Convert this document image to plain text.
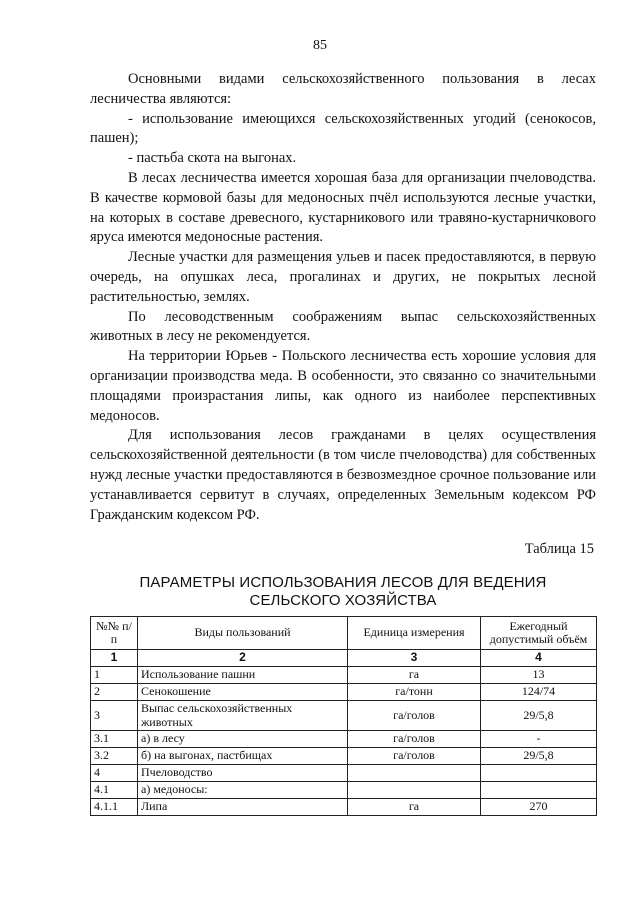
85

Основными видами сельскохозяйственного пользования в лесах лесничества являются:

- использование имеющихся сельскохозяйственных угодий (сенокосов, пашен);

- пастьба скота на выгонах.

В лесах лесничества имеется хорошая база для организации пчеловодства. В качестве кормовой базы для медоносных пчёл используются лесные участки, на которых в составе древесного, кустарникового или травяно-кустарничкового яруса имеются медоносные растения.

Лесные участки для размещения ульев и пасек предоставляются, в первую очередь, на опушках леса, прогалинах и других, не покрытых лесной растительностью, землях.

По лесоводственным соображениям выпас сельскохозяйственных животных в лесу не рекомендуется.

На территории Юрьев - Польского лесничества есть хорошие условия для организации производства меда. В особенности, это связанно со значительными площадями произрастания липы, как одного из наиболее перспективных медоносов.

Для использования лесов гражданами в целях осуществления сельскохозяйственной деятельности (в том числе пчеловодства) для собственных нужд лесные участки предоставляются в безвозмездное срочное пользование или устанавливается сервитут в случаях, определенных Земельным кодексом РФ Гражданским кодексом РФ.

Таблица 15
ПАРАМЕТРЫ ИСПОЛЬЗОВАНИЯ ЛЕСОВ ДЛЯ ВЕДЕНИЯ СЕЛЬСКОГО ХОЗЯЙСТВА
№№ п/п	Виды пользований	Единица измерения	Ежегодный допустимый объём
1	2	3	4
1	Использование пашни	га	13
2	Сенокошение	га/тонн	124/74
3	Выпас сельскохозяйственных животных	га/голов	29/5,8
3.1	а) в лесу	га/голов	-
3.2	б) на выгонах, пастбищах	га/голов	29/5,8
4	Пчеловодство		
4.1	а) медоносы:		
4.1.1	Липа	га	270
